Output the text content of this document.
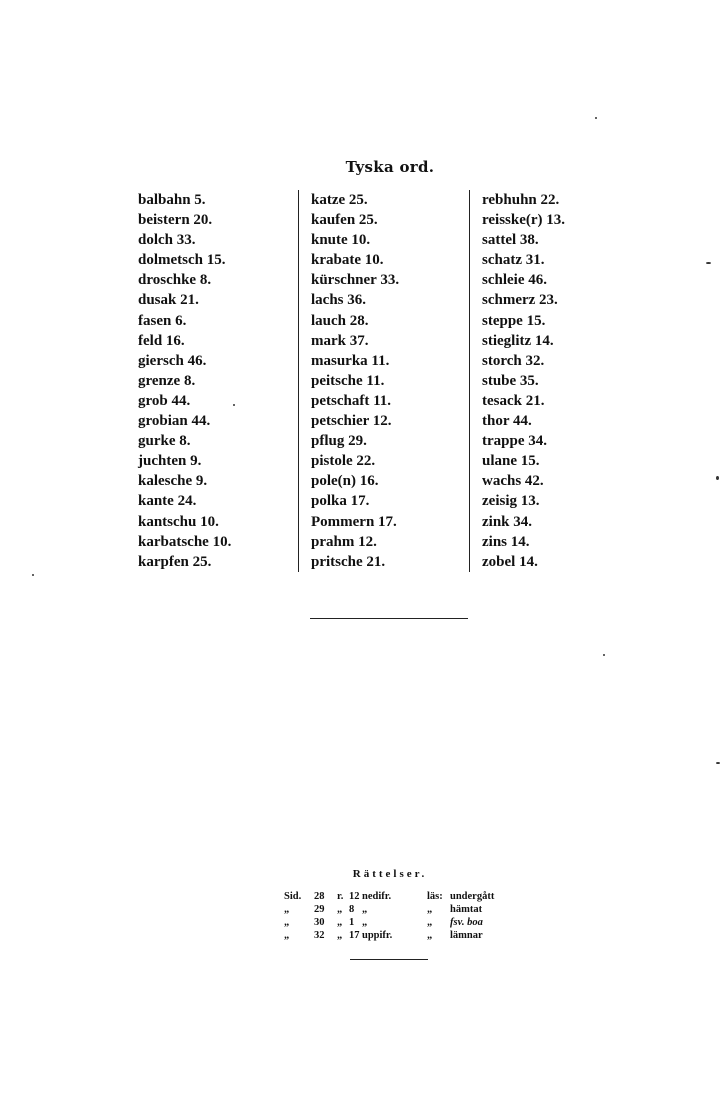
Tyska ord.
balbahn 5.
beistern 20.
dolch 33.
dolmetsch 15.
droschke 8.
dusak 21.
fasen 6.
feld 16.
giersch 46.
grenze 8.
grob 44.
grobian 44.
gurke 8.
juchten 9.
kalesche 9.
kante 24.
kantschu 10.
karbatsche 10.
karpfen 25.
katze 25.
kaufen 25.
knute 10.
krabate 10.
kürschner 33.
lachs 36.
lauch 28.
mark 37.
masurka 11.
peitsche 11.
petschaft 11.
petschier 12.
pflug 29.
pistole 22.
pole(n) 16.
polka 17.
Pommern 17.
prahm 12.
pritsche 21.
rebhuhn 22.
reisske(r) 13.
sattel 38.
schatz 31.
schleie 46.
schmerz 23.
steppe 15.
stieglitz 14.
storch 32.
stube 35.
tesack 21.
thor 44.
trappe 34.
ulane 15.
wachs 42.
zeisig 13.
zink 34.
zins 14.
zobel 14.
Rättelser.
Sid. 28 r. 12 nedifr.	läs: undergått
„ 29 „ 8 „	„ hämtat
„ 30 „ 1 „	„ fsv. boa
„ 32 „ 17 uppifr.	„ lämnar
